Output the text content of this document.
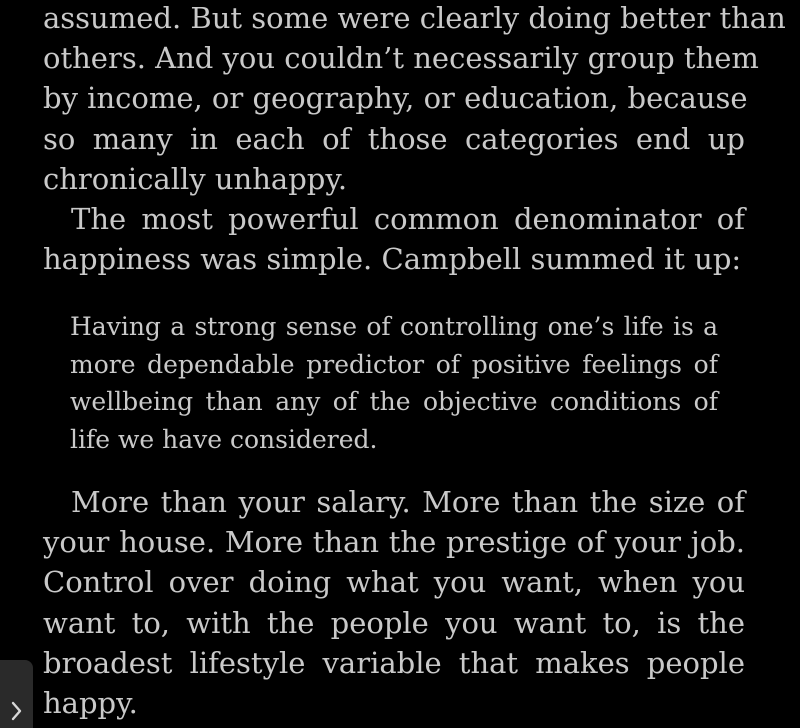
assumed. But some were clearly doing better than
others. And you couldn’t necessarily group them
by income, or geography, or education, because
so many in each of those categories end up
chronically unhappy.

The most powerful common denominator of
happiness was simple. Campbell summed it up:

Having a strong sense of controlling one’s life is a
more dependable predictor of positive feelings of
wellbeing than any of the objective conditions of
life we have considered.

More than your salary. More than the size of
your house. More than the prestige of your job.
Control over doing what you want, when you
want to, with the people you want to, is the
broadest lifestyle variable that makes people
happy.
